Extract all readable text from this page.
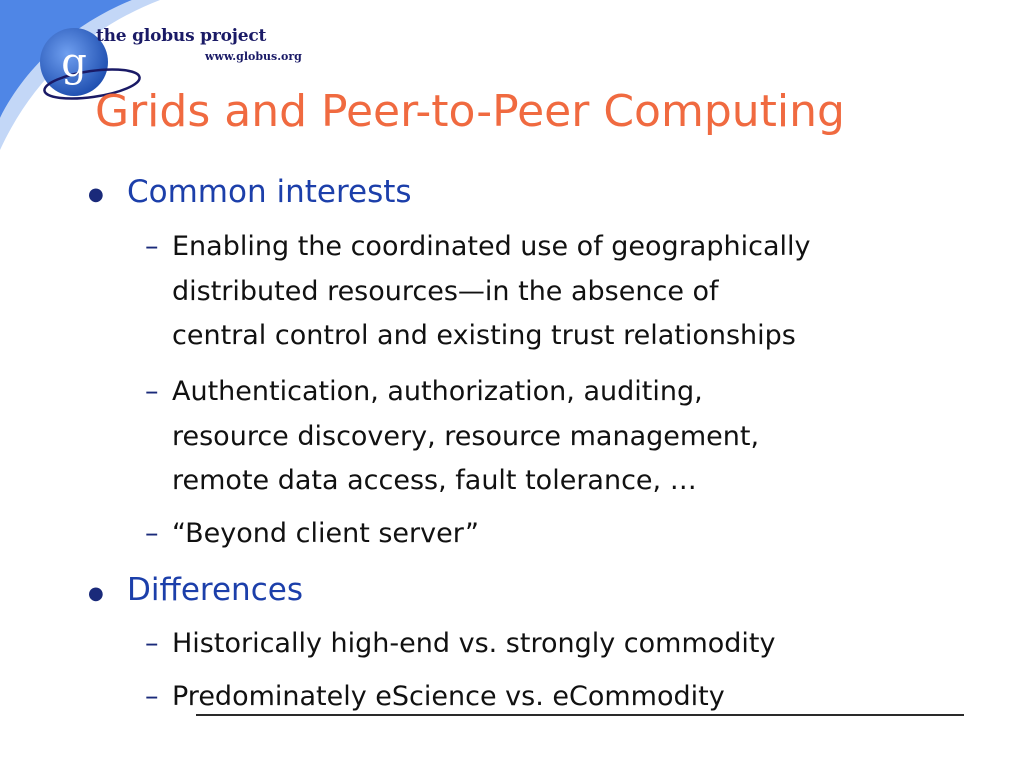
g
the globus project
www.globus.org
Grids and Peer-to-Peer Computing
● Common interests
– Enabling the coordinated use of geographically
distributed resources—in the absence of
central control and existing trust relationships
– Authentication, authorization, auditing,
resource discovery, resource management,
remote data access, fault tolerance, …
– “Beyond client server”
● Differences
– Historically high-end vs. strongly commodity
– Predominately eScience vs. eCommodity
